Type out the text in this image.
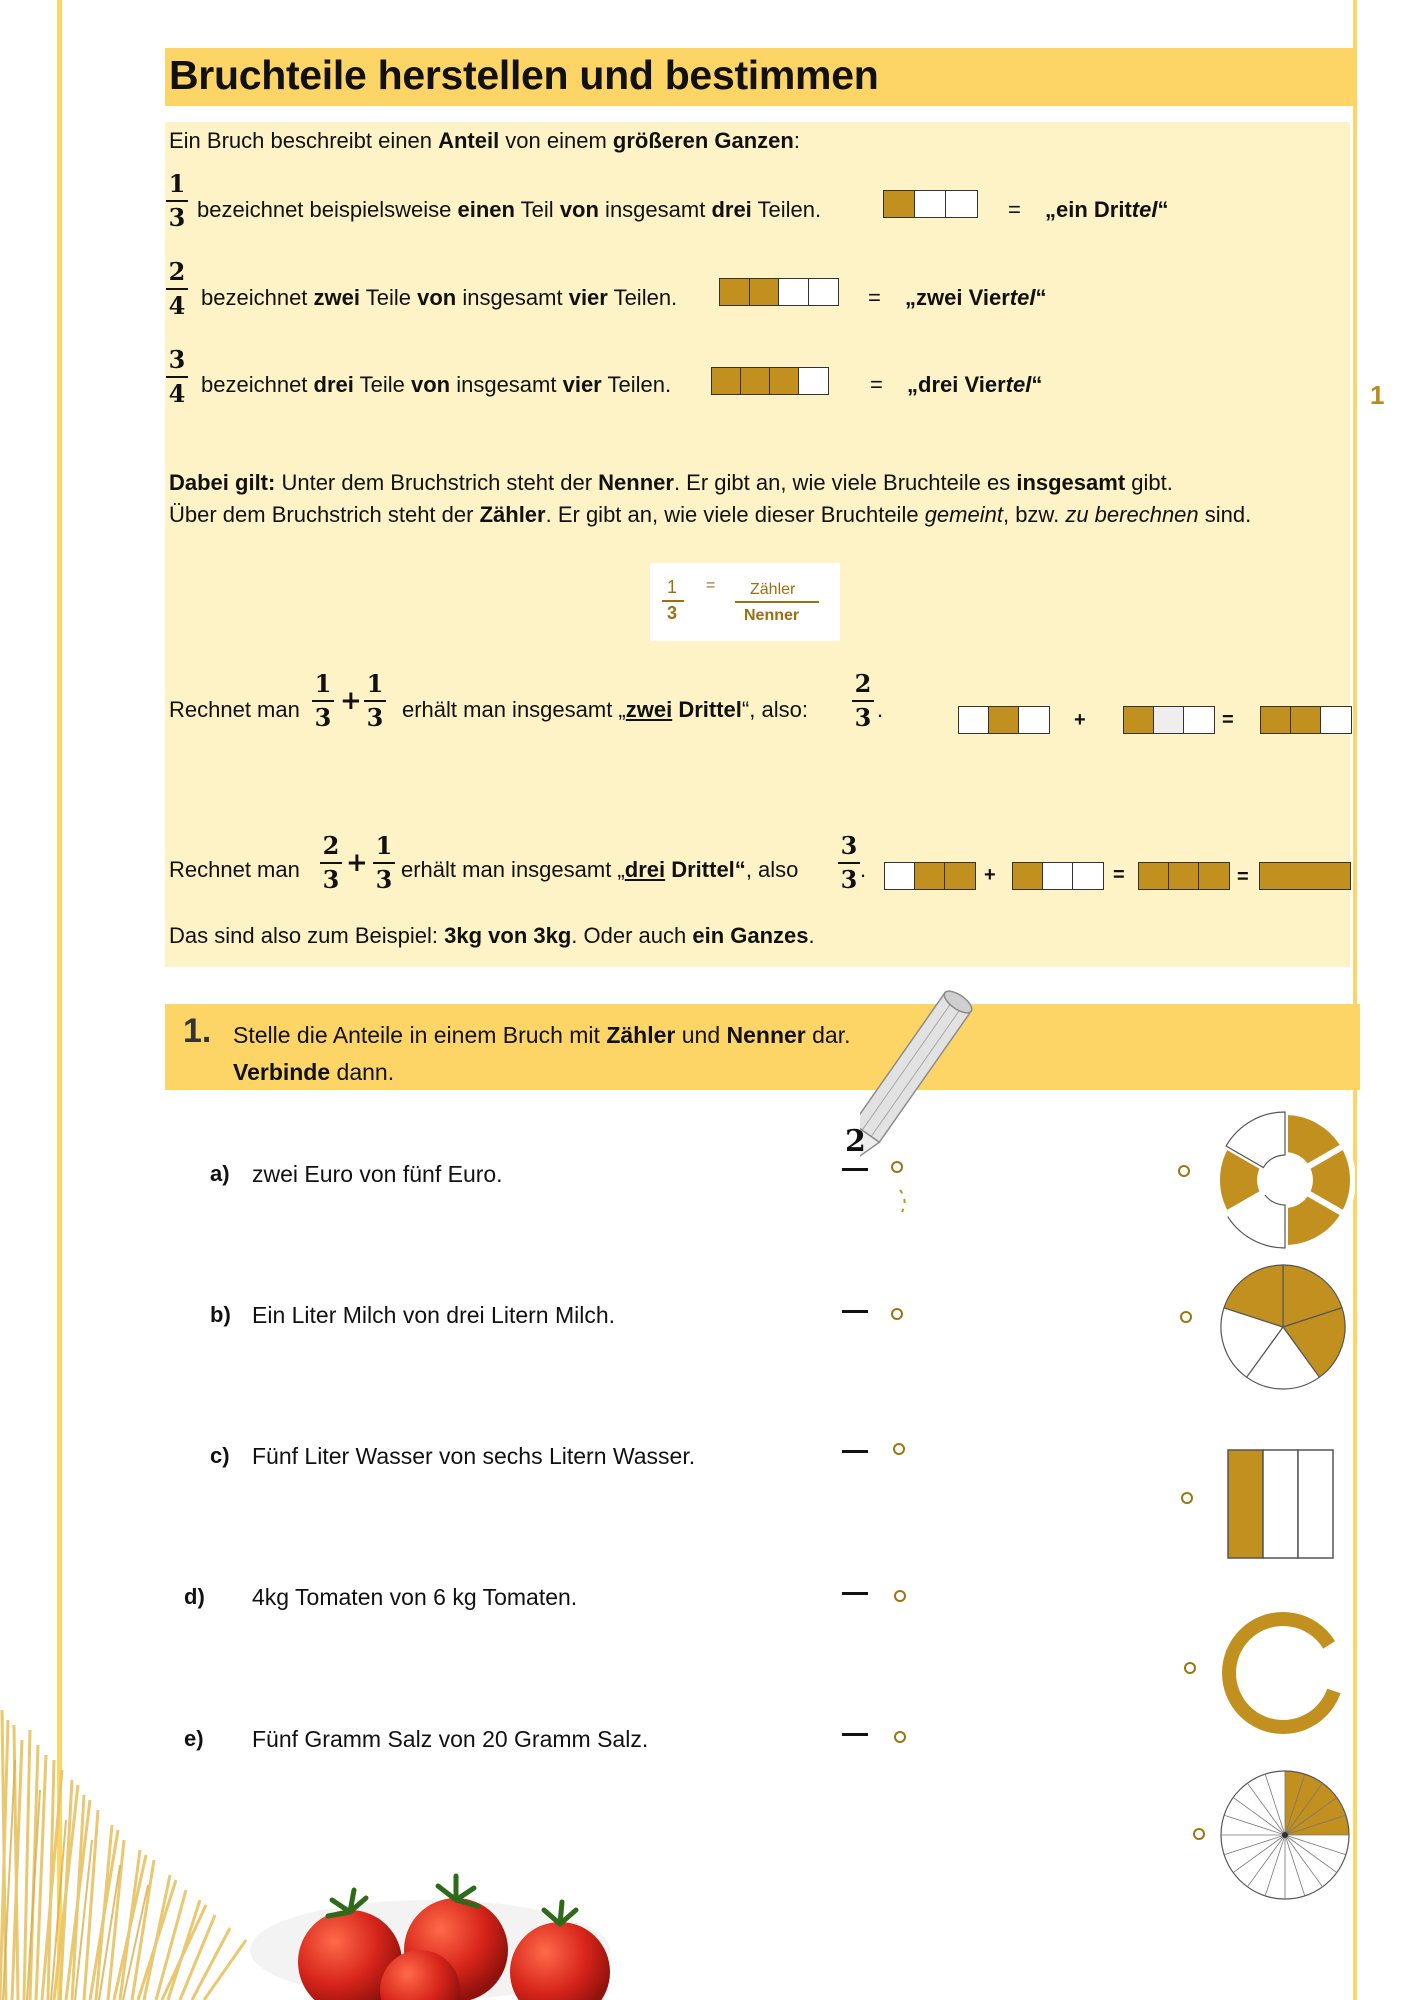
Bruchteile herstellen und bestimmen
1
Ein Bruch beschreibt einen Anteil von einem größeren Ganzen:
1
3 bezeichnet beispielsweise einen Teil von insgesamt drei Teilen.	= „ein Drittel“
2
4 bezeichnet zwei Teile von insgesamt vier Teilen.	= „zwei Viertel“
3
4 bezeichnet drei Teile von insgesamt vier Teilen.	= „drei Viertel“
Dabei gilt: Unter dem Bruchstrich steht der Nenner. Er gibt an, wie viele Bruchteile es insgesamt gibt.
Über dem Bruchstrich steht der Zähler. Er gibt an, wie viele dieser Bruchteile gemeint, bzw. zu berechnen sind.
1
3
= Zähler
Nenner
Rechnet man
1
3
+
1
3 erhält man insgesamt „zwei Drittel“, also:
2
3 .	+	=
Rechnet man
2
3
+
1
3 erhält man insgesamt „drei Drittel“, also
3
3 .	+	=	=
Das sind also zum Beispiel: 3kg von 3kg. Oder auch ein Ganzes.
1. Stelle die Anteile in einem Bruch mit Zähler und Nenner dar.
Verbinde dann.
a) zwei Euro von fünf Euro.
2
b) Ein Liter Milch von drei Litern Milch.
c) Fünf Liter Wasser von sechs Litern Wasser.
d) 4kg Tomaten von 6 kg Tomaten.
e) Fünf Gramm Salz von 20 Gramm Salz.
